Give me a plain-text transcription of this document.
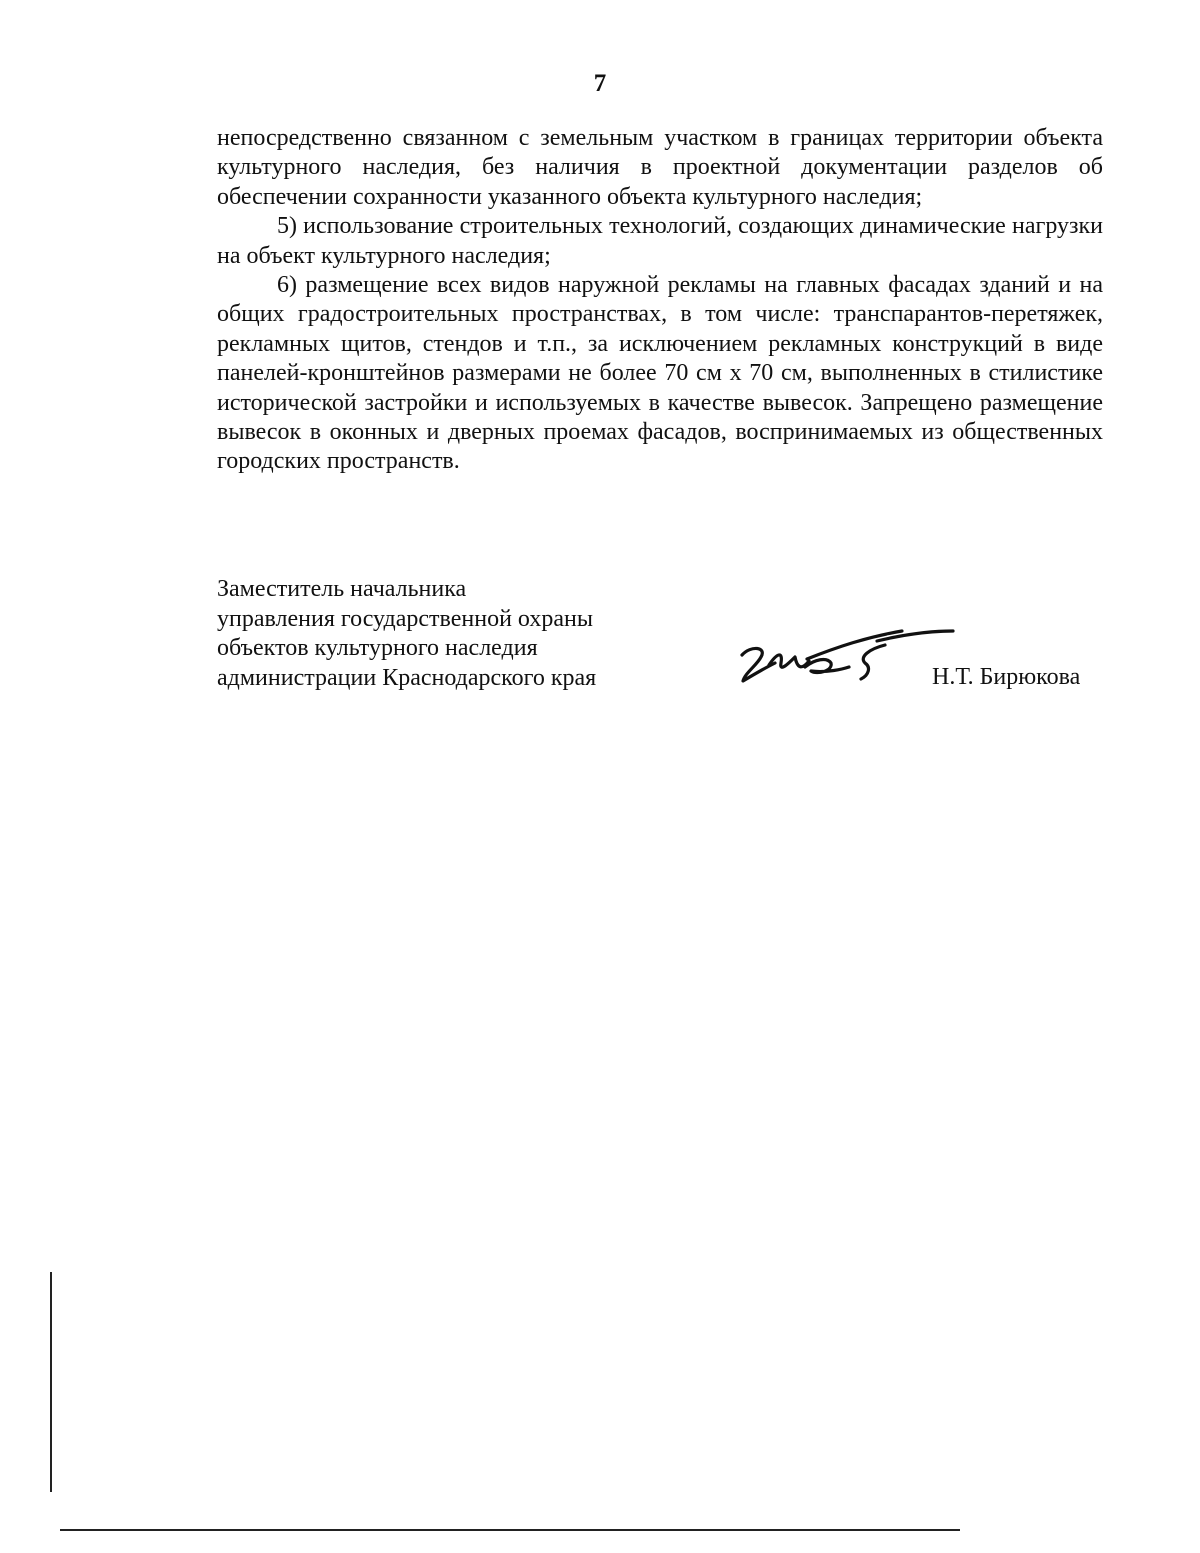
7

непосредственно связанном с земельным участком в границах территории объекта культурного наследия, без наличия в проектной документации разделов об обеспечении сохранности указанного объекта культурного наследия;

5) использование строительных технологий, создающих динамические нагрузки на объект культурного наследия;

6) размещение всех видов наружной рекламы на главных фасадах зданий и на общих градостроительных пространствах, в том числе: транспарантов-перетяжек, рекламных щитов, стендов и т.п., за исключением рекламных конструкций в виде панелей-кронштейнов размерами не более 70 см х 70 см, выполненных в стилистике исторической застройки и используемых в качестве вывесок. Запрещено размещение вывесок в оконных и дверных проемах фасадов, воспринимаемых из общественных городских пространств.

Заместитель начальника
управления государственной охраны
объектов культурного наследия
администрации Краснодарского края	Н.Т. Бирюкова
